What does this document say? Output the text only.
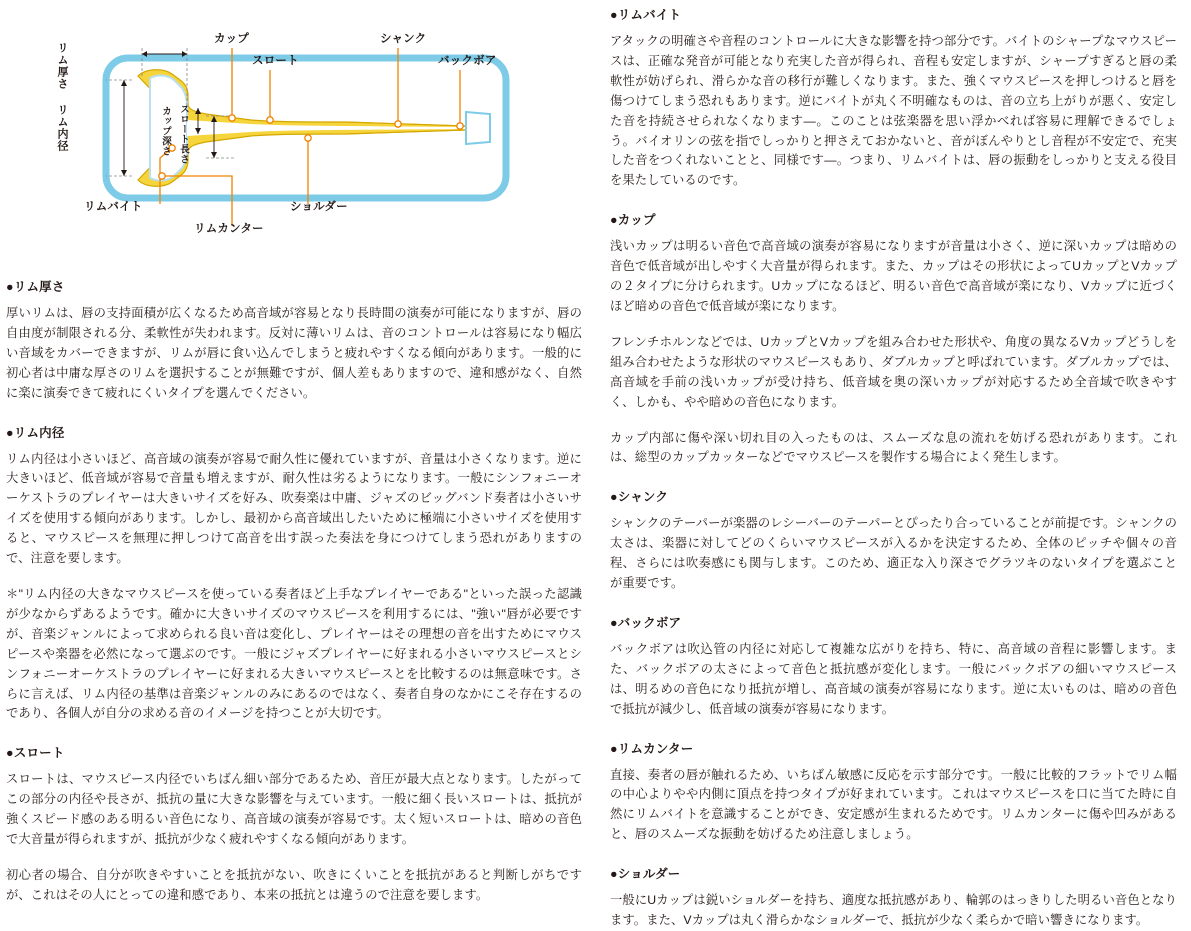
リム厚さ
リム内径	カップ深さ スロート長さ
カップ
スロート
シャンク
バックボア
リムバイト	ショルダー
リムカンター
●リム厚さ

厚いリムは、唇の支持面積が広くなるため高音域が容易となり長時間の演奏が可能になりますが、唇の自由度が制限される分、柔軟性が失われます。反対に薄いリムは、音のコントロールは容易になり幅広い音域をカバーできますが、リムが唇に食い込んでしまうと疲れやすくなる傾向があります。一般的に初心者は中庸な厚さのリムを選択することが無難ですが、個人差もありますので、違和感がなく、自然に楽に演奏できて疲れにくいタイプを選んでください。

●リム内径

リム内径は小さいほど、高音域の演奏が容易で耐久性に優れていますが、音量は小さくなります。逆に大きいほど、低音域が容易で音量も増えますが、耐久性は劣るようになります。一般にシンフォニーオーケストラのプレイヤーは大きいサイズを好み、吹奏楽は中庸、ジャズのビッグバンド奏者は小さいサイズを使用する傾向があります。しかし、最初から高音域出したいために極端に小さいサイズを使用すると、マウスピースを無理に押しつけて高音を出す誤った奏法を身につけてしまう恐れがありますので、注意を要します。

＊"リム内径の大きなマウスピースを使っている奏者ほど上手なプレイヤーである"といった誤った認識が少なからずあるようです。確かに大きいサイズのマウスピースを利用するには、"強い"唇が必要ですが、音楽ジャンルによって求められる良い音は変化し、プレイヤーはその理想の音を出すためにマウスピースや楽器を必然になって選ぶのです。一般にジャズプレイヤーに好まれる小さいマウスピースとシンフォニーオーケストラのプレイヤーに好まれる大きいマウスピースとを比較するのは無意味です。さらに言えば、リム内径の基準は音楽ジャンルのみにあるのではなく、奏者自身のなかにこそ存在するのであり、各個人が自分の求める音のイメージを持つことが大切です。

●スロート

スロートは、マウスピース内径でいちばん細い部分であるため、音圧が最大点となります。したがってこの部分の内径や長さが、抵抗の量に大きな影響を与えています。一般に細く長いスロートは、抵抗が強くスピード感のある明るい音色になり、高音域の演奏が容易です。太く短いスロートは、暗めの音色で大音量が得られますが、抵抗が少なく疲れやすくなる傾向があります。

初心者の場合、自分が吹きやすいことを抵抗がない、吹きにくいことを抵抗があると判断しがちですが、これはその人にとっての違和感であり、本来の抵抗とは違うので注意を要します。

●リムバイト

アタックの明確さや音程のコントロールに大きな影響を持つ部分です。バイトのシャープなマウスピースは、正確な発音が可能となり充実した音が得られ、音程も安定しますが、シャープすぎると唇の柔軟性が妨げられ、滑らかな音の移行が難しくなります。また、強くマウスピースを押しつけると唇を傷つけてしまう恐れもあります。逆にバイトが丸く不明確なものは、音の立ち上がりが悪く、安定した音を持続させられなくなります―。このことは弦楽器を思い浮かべれば容易に理解できるでしょう。バイオリンの弦を指でしっかりと押さえておかないと、音がぼんやりとし音程が不安定で、充実した音をつくれないことと、同様です―。つまり、リムバイトは、唇の振動をしっかりと支える役目を果たしているのです。

●カップ

浅いカップは明るい音色で高音域の演奏が容易になりますが音量は小さく、逆に深いカップは暗めの音色で低音域が出しやすく大音量が得られます。また、カップはその形状によってUカップとVカップの２タイプに分けられます。Uカップになるほど、明るい音色で高音域が楽になり、Vカップに近づくほど暗めの音色で低音域が楽になります。

フレンチホルンなどでは、UカップとVカップを組み合わせた形状や、角度の異なるVカップどうしを組み合わせたような形状のマウスピースもあり、ダブルカップと呼ばれています。ダブルカップでは、高音域を手前の浅いカップが受け持ち、低音域を奥の深いカップが対応するため全音域で吹きやすく、しかも、やや暗めの音色になります。

カップ内部に傷や深い切れ目の入ったものは、スムーズな息の流れを妨げる恐れがあります。これは、総型のカップカッターなどでマウスピースを製作する場合によく発生します。

●シャンク

シャンクのテーパーが楽器のレシーバーのテーパーとぴったり合っていることが前提です。シャンクの太さは、楽器に対してどのくらいマウスピースが入るかを決定するため、全体のピッチや個々の音程、さらには吹奏感にも関与します。このため、適正な入り深さでグラツキのないタイプを選ぶことが重要です。

●バックボア

バックボアは吹込管の内径に対応して複雑な広がりを持ち、特に、高音域の音程に影響します。また、バックボアの太さによって音色と抵抗感が変化します。一般にバックボアの細いマウスピースは、明るめの音色になり抵抗が増し、高音域の演奏が容易になります。逆に太いものは、暗めの音色で抵抗が減少し、低音域の演奏が容易になります。

●リムカンター

直接、奏者の唇が触れるため、いちばん敏感に反応を示す部分です。一般に比較的フラットでリム幅の中心よりやや内側に頂点を持つタイプが好まれています。これはマウスピースを口に当てた時に自然にリムバイトを意識することができ、安定感が生まれるためです。リムカンターに傷や凹みがあると、唇のスムーズな振動を妨げるため注意しましょう。

●ショルダー

一般にUカップは鋭いショルダーを持ち、適度な抵抗感があり、輪郭のはっきりした明るい音色となります。また、Vカップは丸く滑らかなショルダーで、抵抗が少なく柔らかで暗い響きになります。
